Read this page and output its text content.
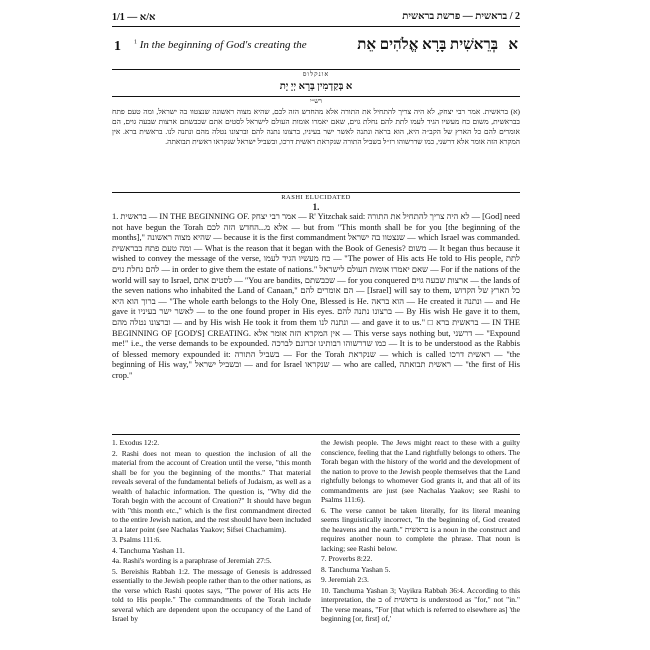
1/1 — א/א	2 / בראשית — פרשת בראשית
1 $^1$ In the beginning of God's creating the	בְּרֵאשִׁית בָּרָא אֱלֹהִים אֵת א
אונקלוס
א בְּקַדְמִין בְּרָא יְיָ יָת
רש״י
(א) בראשית. אמר רבי יצחק, לא היה צריך להתחיל את התורה אלא מהחדש הזה לכם, שהיא מצוה ראשונה שנצטוו בה ישראל, ומה טעם פתח בבראשית, משום כח מעשיו הגיד לעמו לתת להם נחלת גוים, שאם יאמרו אומות העולם לישראל לסטים אתם שכבשתם ארצות שבעה גוים, הם אומרים להם כל הארץ של הקב״ה היא, הוא בראה ונתנה לאשר ישר בעיניו, ברצונו נתנה להם וברצונו נטלה מהם ונתנה לנו. בראשית ברא. אין המקרא הזה אומר אלא דרשני, כמו שדרשוהו רז״ל בשביל התורה שנקראת ראשית דרכו, ובשביל ישראל שנקראו ראשית תבואתה.
RASHI ELUCIDATED
1.
1. בראשית — IN THE BEGINNING OF. אמר רבי יצחק — R' Yitzchak said: לא היה צריך להתחיל את התורה — [God] need not have begun the Torah אלא מ...החדש הזה לכם — but from "This month shall be for you [the beginning of the months]," שהיא מצוה ראשונה — because it is the first commandment שנצטוו בה ישראל — which Israel was commanded. ומה טעם פתח בבראשית — What is the reason that it began with the Book of Genesis? משום — It began thus because it wished to convey the message of the verse, כח מעשיו הגיד לעמו — "The power of His acts He told to His people, לתת להם נחלת גוים — in order to give them the estate of nations." שאם יאמרו אומות העולם לישראל — For if the nations of the world will say to Israel, לסטים אתם — "You are bandits, שכבשתם — for you conquered ארצות שבעה גוים — the lands of the seven nations who inhabited the Land of Canaan," הם אומרים להם — [Israel] will say to them, כל הארץ של הקדוש ברוך הוא היא — "The whole earth belongs to the Holy One, Blessed is He. הוא בראה — He created it ונתנה — and He gave it לאשר ישר בעיניו — to the one found proper in His eyes. ברצונו נתנה להם — By His wish He gave it to them, וברצונו נטלה מהם — and by His wish He took it from them ונתנה לנו — and gave it to us." □ בראשית ברא — IN THE BEGINNING OF [GOD'S] CREATING. אין המקרא הזה אומר אלא — This verse says nothing but, דרשני — "Expound me!" i.e., the verse demands to be expounded. כמו שדרשוהו רבותינו זכרונם לברכה — It is to be understood as the Rabbis of blessed memory expounded it: בשביל התורה — For the Torah שנקראת — which is called ראשית דרכו — "the beginning of His way," ובשביל ישראל — and for Israel שנקראו — who are called, ראשית תבואתה — "the first of His crop."

1. Exodus 12:2.

2. Rashi does not mean to question the inclusion of all the material from the account of Creation until the verse, "this month shall be for you the beginning of the months." That material reveals several of the fundamental beliefs of Judaism, as well as a wealth of halachic information. The question is, "Why did the Torah begin with the account of Creation?" It should have begun with "this month etc.," which is the first commandment directed to the entire Jewish nation, and the rest should have been included at a later point (see Nachalas Yaakov; Sifsei Chachamim).

3. Psalms 111:6.

4. Tanchuma Yashan 11.

4a. Rashi's wording is a paraphrase of Jeremiah 27:5.

5. Bereishis Rabbah 1:2. The message of Genesis is addressed essentially to the Jewish people rather than to the other nations, as the verse which Rashi quotes says, "The power of His acts He told to His people." The commandments of the Torah include several which are dependent upon the occupancy of the Land of Israel by

the Jewish people. The Jews might react to these with a guilty conscience, feeling that the Land rightfully belongs to others. The Torah began with the history of the world and the development of the nation to prove to the Jewish people themselves that the Land rightfully belongs to whomever God grants it, and that all of its commandments are just (see Nachalas Yaakov; see Rashi to Psalms 111:6).

6. The verse cannot be taken literally, for its literal meaning seems linguistically incorrect, "In the beginning of, God created the heavens and the earth." בראשית is a noun in the construct and requires another noun to complete the phrase. That noun is lacking; see Rashi below.

7. Proverbs 8:22.

8. Tanchuma Yashan 5.

9. Jeremiah 2:3.

10. Tanchuma Yashan 3; Vayikra Rabbah 36:4. According to this interpretation, the ב of בראשית is understood as "for," not "in." The verse means, "For [that which is referred to elsewhere as] 'the beginning [or, first] of,'
